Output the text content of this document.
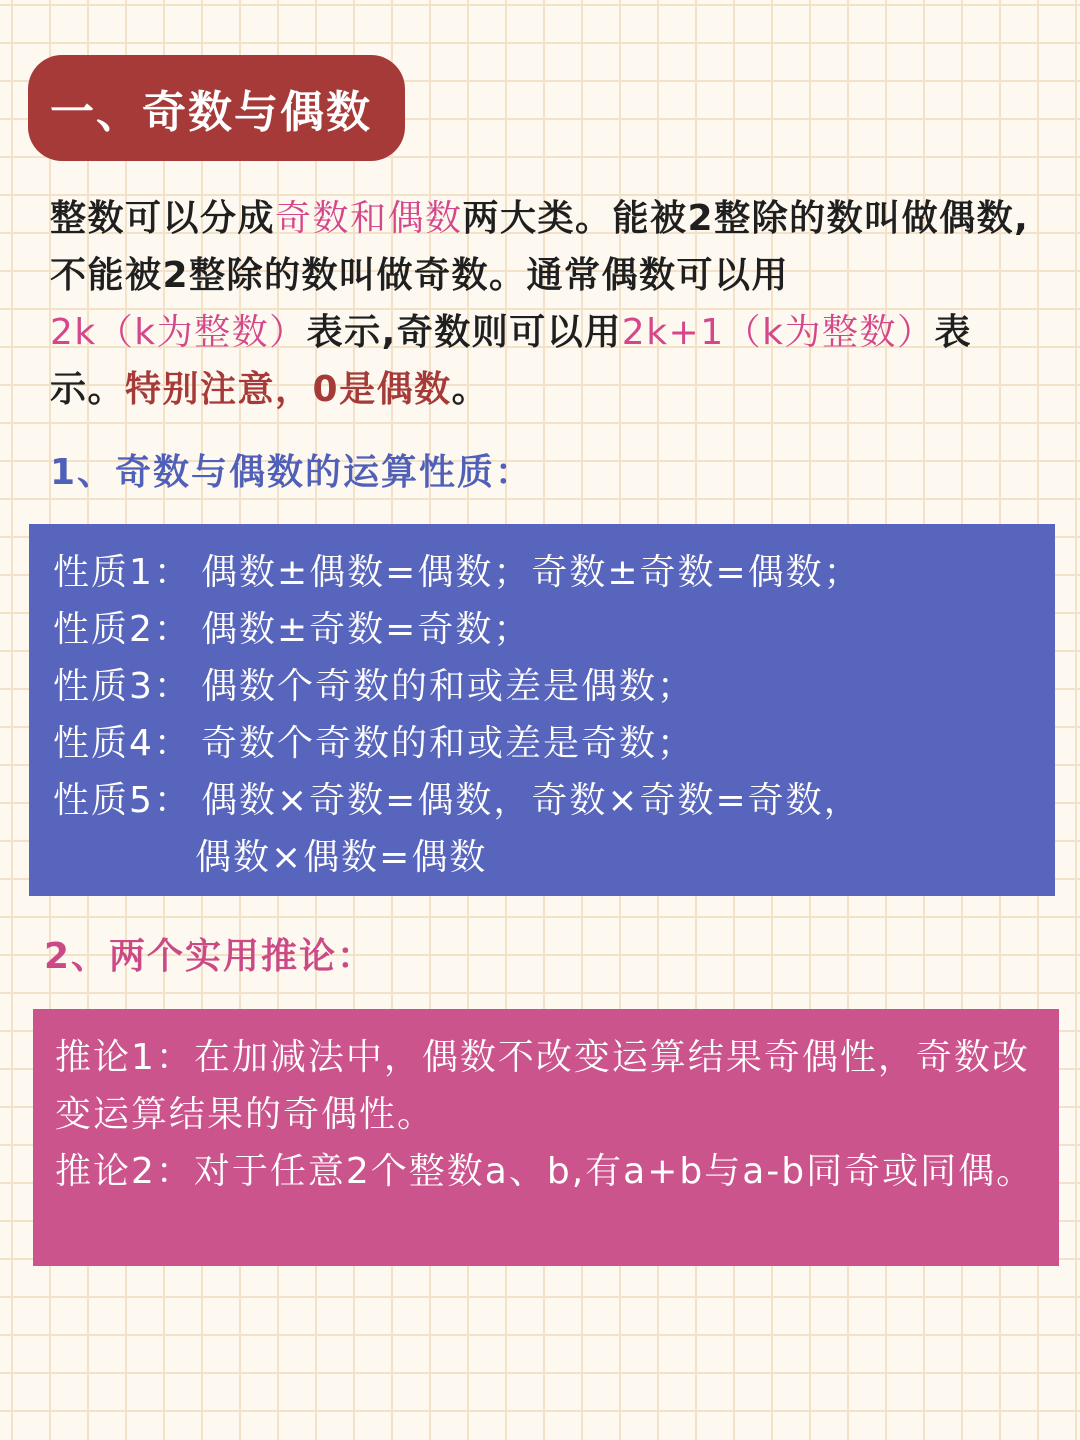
一、奇数与偶数

整数可以分成奇数和偶数两大类。能被2整除的数叫做偶数,不能被2整除的数叫做奇数。通常偶数可以用2k（k为整数）表示,奇数则可以用2k+1（k为整数）表示。特别注意，0是偶数。

1、奇数与偶数的运算性质：
性质1： 偶数±偶数=偶数；奇数±奇数=偶数；
性质2： 偶数±奇数=奇数；
性质3： 偶数个奇数的和或差是偶数；
性质4： 奇数个奇数的和或差是奇数；
性质5： 偶数×奇数=偶数，奇数×奇数=奇数，
偶数×偶数=偶数
2、两个实用推论：

推论1：在加减法中，偶数不改变运算结果奇偶性，奇数改变运算结果的奇偶性。

推论2：对于任意2个整数a、b,有a+b与a-b同奇或同偶。
